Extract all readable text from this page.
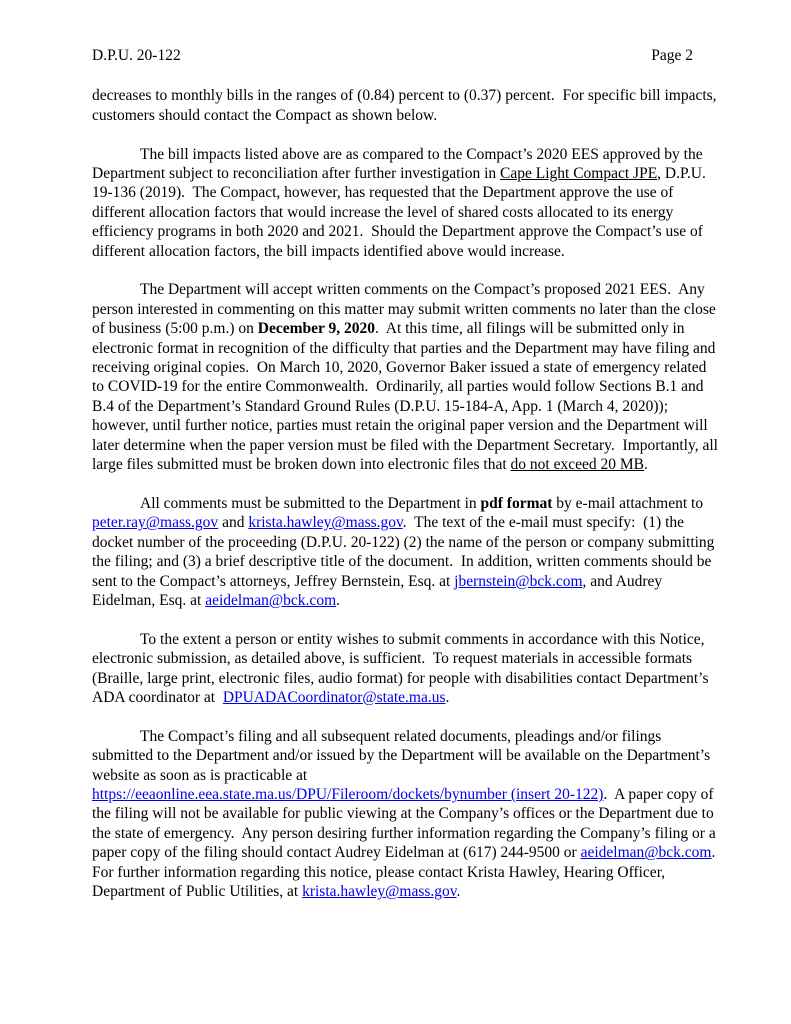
D.P.U. 20-122	Page 2

decreases to monthly bills in the ranges of (0.84) percent to (0.37) percent.  For specific bill impacts, customers should contact the Compact as shown below.

The bill impacts listed above are as compared to the Compact’s 2020 EES approved by the Department subject to reconciliation after further investigation in Cape Light Compact JPE, D.P.U. 19-136 (2019).  The Compact, however, has requested that the Department approve the use of different allocation factors that would increase the level of shared costs allocated to its energy efficiency programs in both 2020 and 2021.  Should the Department approve the Compact’s use of different allocation factors, the bill impacts identified above would increase.

The Department will accept written comments on the Compact’s proposed 2021 EES.  Any person interested in commenting on this matter may submit written comments no later than the close of business (5:00 p.m.) on December 9, 2020.  At this time, all filings will be submitted only in electronic format in recognition of the difficulty that parties and the Department may have filing and receiving original copies.  On March 10, 2020, Governor Baker issued a state of emergency related to COVID-19 for the entire Commonwealth.  Ordinarily, all parties would follow Sections B.1 and B.4 of the Department’s Standard Ground Rules (D.P.U. 15-184-A, App. 1 (March 4, 2020)); however, until further notice, parties must retain the original paper version and the Department will later determine when the paper version must be filed with the Department Secretary.  Importantly, all large files submitted must be broken down into electronic files that do not exceed 20 MB.

All comments must be submitted to the Department in pdf format by e-mail attachment to peter.ray@mass.gov and krista.hawley@mass.gov.  The text of the e-mail must specify:  (1) the docket number of the proceeding (D.P.U. 20-122) (2) the name of the person or company submitting the filing; and (3) a brief descriptive title of the document.  In addition, written comments should be sent to the Compact’s attorneys, Jeffrey Bernstein, Esq. at jbernstein@bck.com, and Audrey Eidelman, Esq. at aeidelman@bck.com.

To the extent a person or entity wishes to submit comments in accordance with this Notice, electronic submission, as detailed above, is sufficient.  To request materials in accessible formats (Braille, large print, electronic files, audio format) for people with disabilities contact Department’s ADA coordinator at  DPUADACoordinator@state.ma.us.

The Compact’s filing and all subsequent related documents, pleadings and/or filings submitted to the Department and/or issued by the Department will be available on the Department’s website as soon as is practicable at https://eeaonline.eea.state.ma.us/DPU/Fileroom/dockets/bynumber (insert 20-122).  A paper copy of the filing will not be available for public viewing at the Company’s offices or the Department due to the state of emergency.  Any person desiring further information regarding the Company’s filing or a paper copy of the filing should contact Audrey Eidelman at (617) 244-9500 or aeidelman@bck.com.  For further information regarding this notice, please contact Krista Hawley, Hearing Officer, Department of Public Utilities, at krista.hawley@mass.gov.
